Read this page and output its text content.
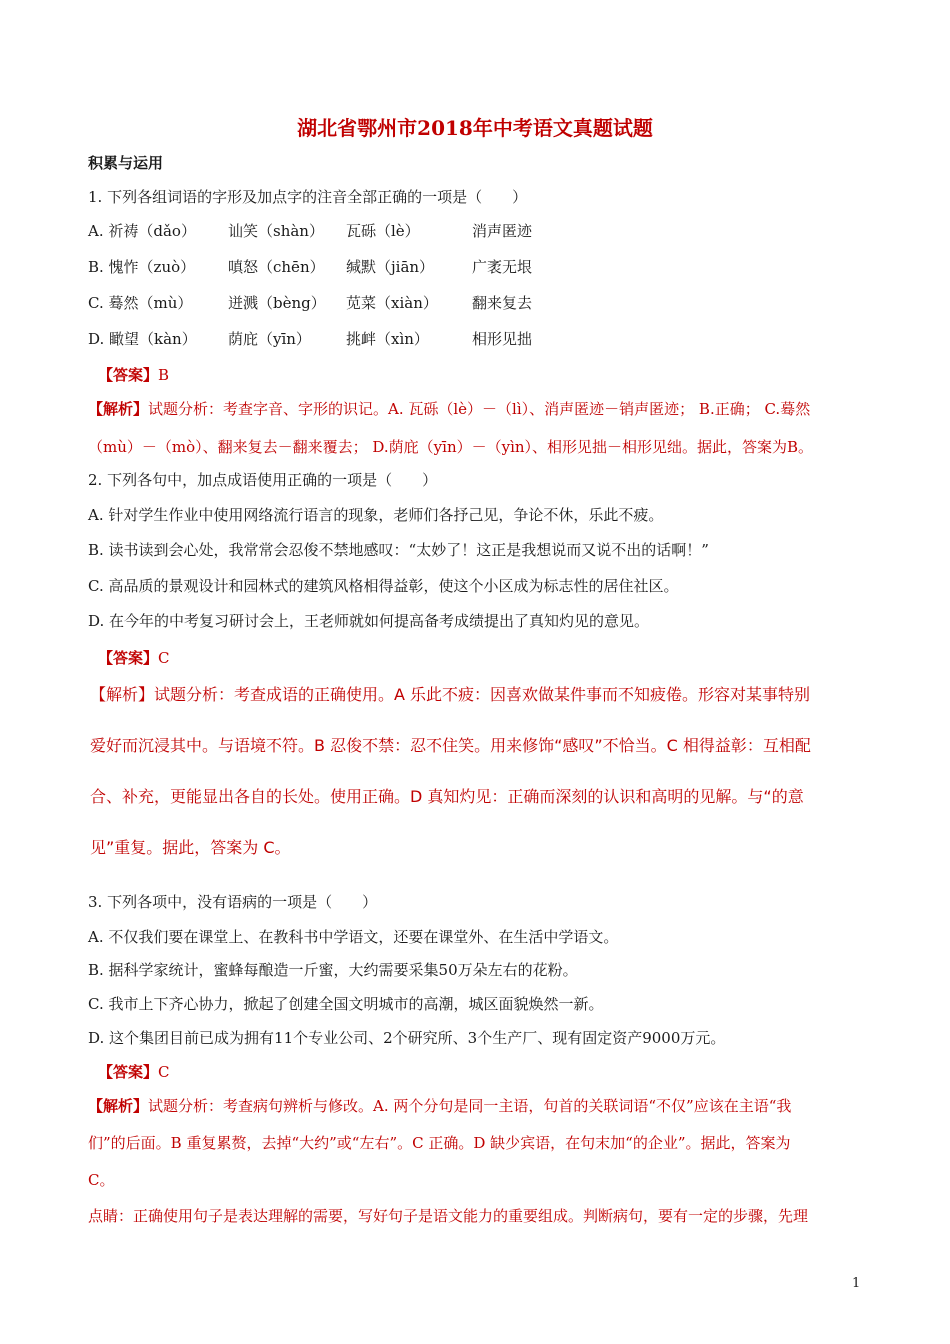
湖北省鄂州市2018年中考语文真题试题
积累与运用
1. 下列各组词语的字形及加点字的注音全部正确的一项是（　　）
A. 祈祷（dǎo） 讪笑（shàn） 瓦砾（lè）	消声匿迹
B. 愧怍（zuò） 嗔怒（chēn） 缄默（jiān）	广袤无垠
C. 蓦然（mù） 迸溅（bèng） 苋菜（xiàn） 翻来复去
D. 瞰望（kàn） 荫庇（yīn） 挑衅（xìn）	相形见拙
【答案】B
【解析】试题分析：考查字音、字形的识记。A. 瓦砾（lè）－（lì）、消声匿迹－销声匿迹； B.正确； C.蓦然
（mù）－（mò）、翻来复去－翻来覆去； D.荫庇（yīn）－（yìn）、相形见拙－相形见绌。据此，答案为B。
2. 下列各句中，加点成语使用正确的一项是（　　）
A. 针对学生作业中使用网络流行语言的现象，老师们各抒己见，争论不休，乐此不疲。
B. 读书读到会心处，我常常会忍俊不禁地感叹：“太妙了！这正是我想说而又说不出的话啊！”
C. 高品质的景观设计和园林式的建筑风格相得益彰，使这个小区成为标志性的居住社区。
D. 在今年的中考复习研讨会上，王老师就如何提高备考成绩提出了真知灼见的意见。
【答案】C
【解析】试题分析：考查成语的正确使用。A 乐此不疲：因喜欢做某件事而不知疲倦。形容对某事特别
爱好而沉浸其中。与语境不符。B 忍俊不禁：忍不住笑。用来修饰“感叹”不恰当。C 相得益彰：互相配
合、补充，更能显出各自的长处。使用正确。D 真知灼见：正确而深刻的认识和高明的见解。与“的意
见”重复。据此，答案为 C。
3. 下列各项中，没有语病的一项是（　　）
A. 不仅我们要在课堂上、在教科书中学语文，还要在课堂外、在生活中学语文。
B. 据科学家统计，蜜蜂每酿造一斤蜜，大约需要采集50万朵左右的花粉。
C. 我市上下齐心协力，掀起了创建全国文明城市的高潮，城区面貌焕然一新。
D. 这个集团目前已成为拥有11个专业公司、2个研究所、3个生产厂、现有固定资产9000万元。
【答案】C
【解析】试题分析：考查病句辨析与修改。A. 两个分句是同一主语，句首的关联词语“不仅”应该在主语“我
们”的后面。B 重复累赘，去掉“大约”或“左右”。C 正确。D 缺少宾语，在句末加“的企业”。据此，答案为
C。
点睛：正确使用句子是表达理解的需要，写好句子是语文能力的重要组成。判断病句，要有一定的步骤，先理
1
